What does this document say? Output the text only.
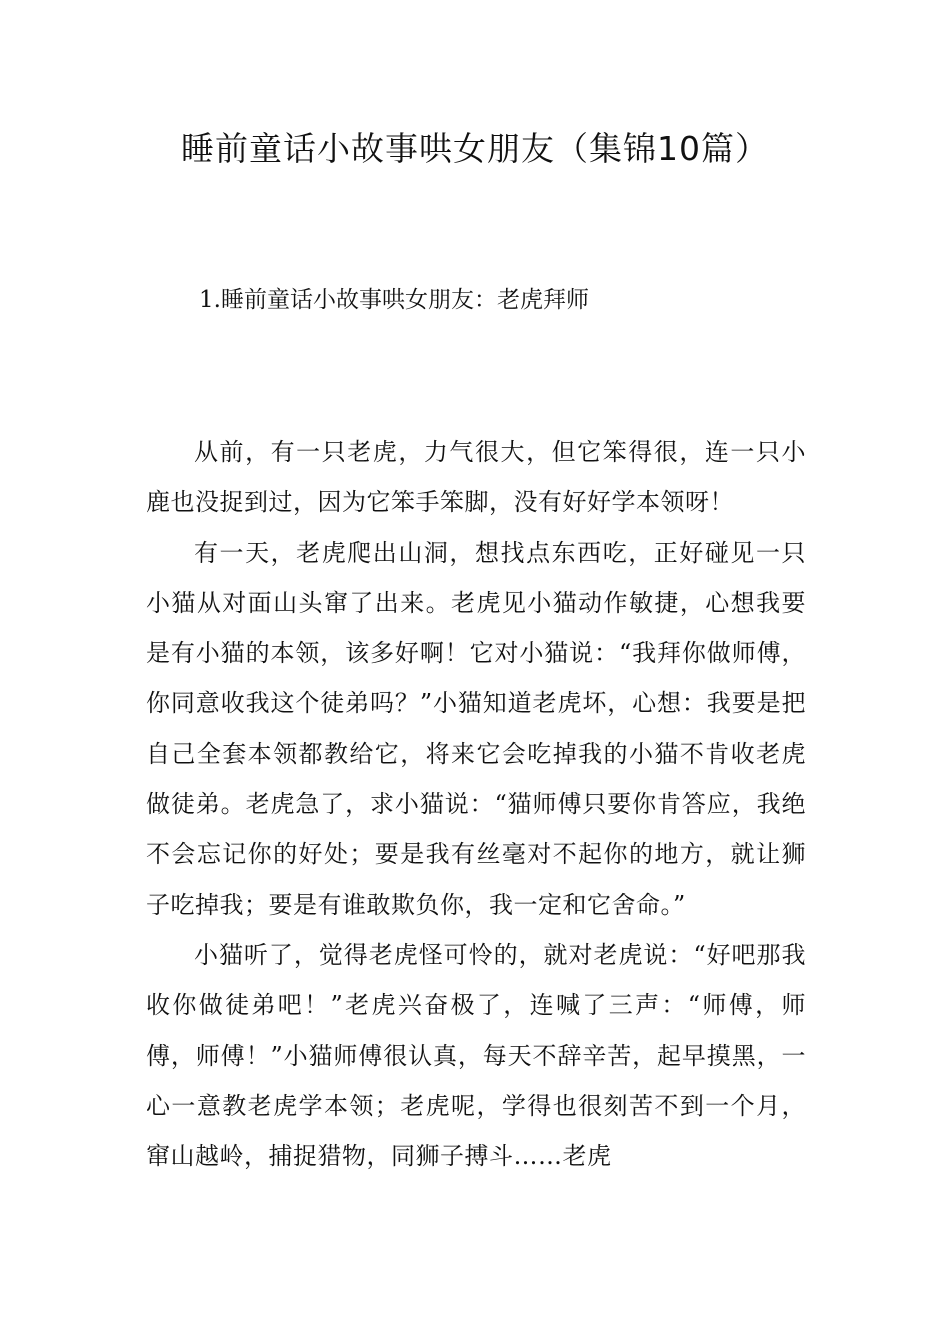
睡前童话小故事哄女朋友（集锦10篇）
1.睡前童话小故事哄女朋友：老虎拜师

从前，有一只老虎，力气很大，但它笨得很，连一只小鹿也没捉到过，因为它笨手笨脚，没有好好学本领呀！

有一天，老虎爬出山洞，想找点东西吃，正好碰见一只小猫从对面山头窜了出来。老虎见小猫动作敏捷，心想我要是有小猫的本领，该多好啊！它对小猫说：“我拜你做师傅，你同意收我这个徒弟吗？”小猫知道老虎坏，心想：我要是把自己全套本领都教给它，将来它会吃掉我的小猫不肯收老虎做徒弟。老虎急了，求小猫说：“猫师傅只要你肯答应，我绝不会忘记你的好处；要是我有丝毫对不起你的地方，就让狮子吃掉我；要是有谁敢欺负你，我一定和它舍命。”

小猫听了，觉得老虎怪可怜的，就对老虎说：“好吧那我收你做徒弟吧！”老虎兴奋极了，连喊了三声：“师傅，师傅，师傅！”小猫师傅很认真，每天不辞辛苦，起早摸黑，一心一意教老虎学本领；老虎呢，学得也很刻苦不到一个月，窜山越岭，捕捉猎物，同狮子搏斗……老虎
